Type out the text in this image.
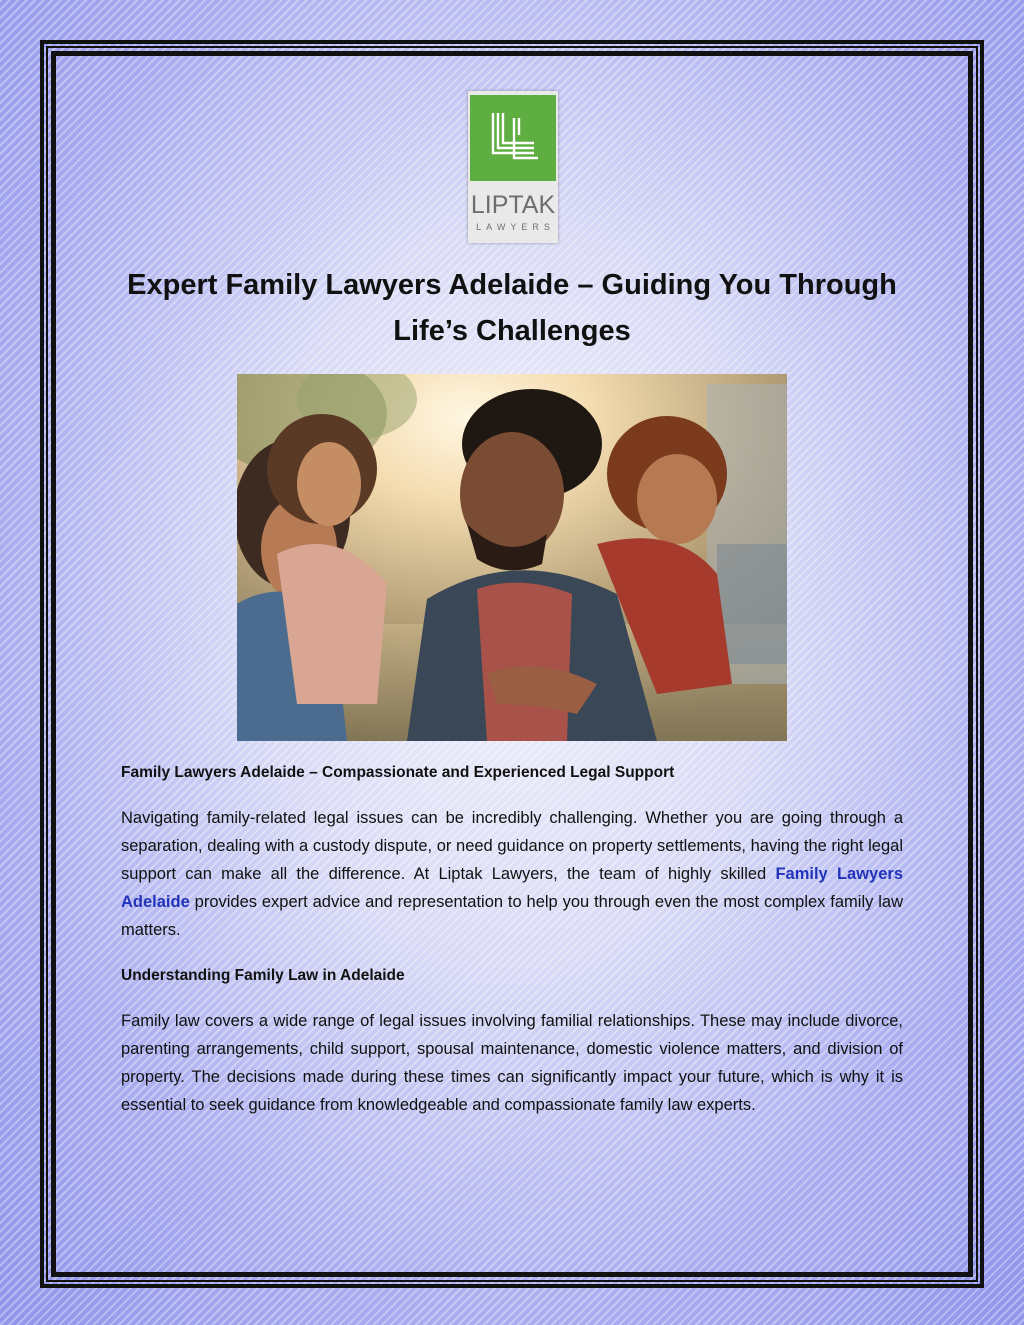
LIPTAK
LAWYERS
Expert Family Lawyers Adelaide – Guiding You Through Life’s Challenges
Family Lawyers Adelaide – Compassionate and Experienced Legal Support

Navigating family-related legal issues can be incredibly challenging. Whether you are going through a separation, dealing with a custody dispute, or need guidance on property settlements, having the right legal support can make all the difference. At Liptak Lawyers, the team of highly skilled Family Lawyers Adelaide provides expert advice and representation to help you through even the most complex family law matters.

Understanding Family Law in Adelaide

Family law covers a wide range of legal issues involving familial relationships. These may include divorce, parenting arrangements, child support, spousal maintenance, domestic violence matters, and division of property. The decisions made during these times can significantly impact your future, which is why it is essential to seek guidance from knowledgeable and compassionate family law experts.
